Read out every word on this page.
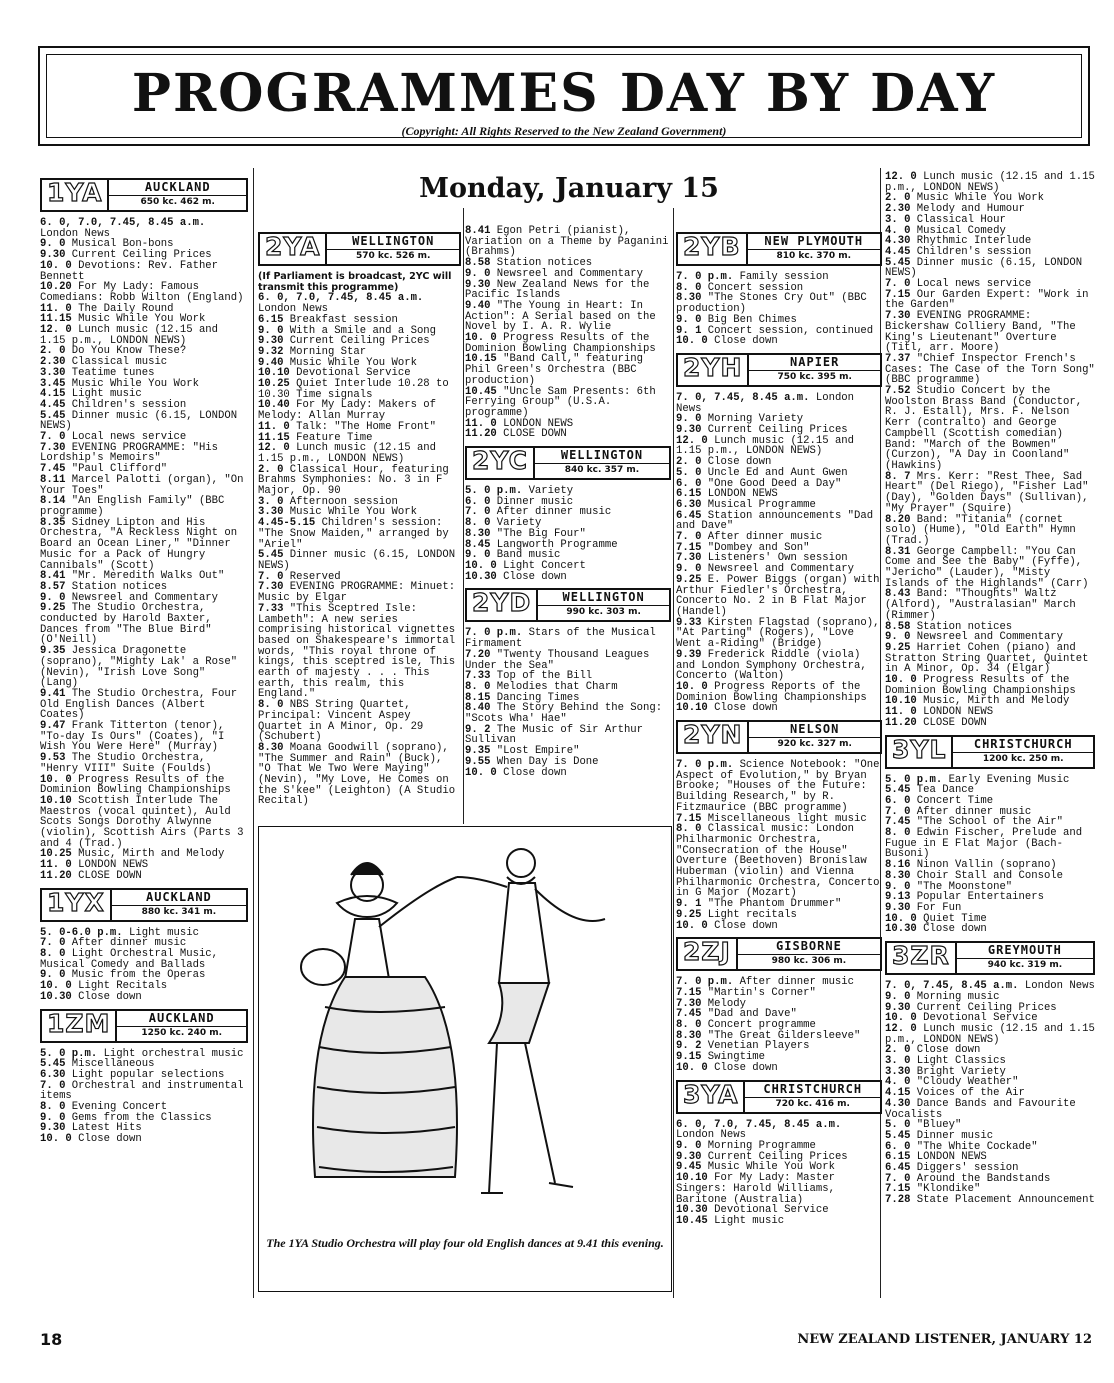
PROGRAMMES DAY BY DAY
(Copyright: All Rights Reserved to the New Zealand Government)
Monday, January 15
1YA	AUCKLAND
650 kc. 462 m.
6. 0, 7.0, 7.45, 8.45 a.m. London News
9. 0 Musical Bon-bons
9.30 Current Ceiling Prices
10. 0 Devotions: Rev. Father Bennett
10.20 For My Lady: Famous Comedians: Robb Wilton (England)
11. 0 The Daily Round
11.15 Music While You Work
12. 0 Lunch music (12.15 and 1.15 p.m., LONDON NEWS)
2. 0 Do You Know These?
2.30 Classical music
3.30 Teatime tunes
3.45 Music While You Work
4.15 Light music
4.45 Children's session
5.45 Dinner music (6.15, LONDON NEWS)
7. 0 Local news service
7.30 EVENING PROGRAMME: "His Lordship's Memoirs"
7.45 "Paul Clifford"
8.11 Marcel Palotti (organ), "On Your Toes"
8.14 "An English Family" (BBC programme)
8.35 Sidney Lipton and His Orchestra, "A Reckless Night on Board an Ocean Liner," "Dinner Music for a Pack of Hungry Cannibals" (Scott)
8.41 "Mr. Meredith Walks Out"
8.57 Station notices
9. 0 Newsreel and Commentary
9.25 The Studio Orchestra, conducted by Harold Baxter, Dances from "The Blue Bird" (O'Neill)
9.35 Jessica Dragonette (soprano), "Mighty Lak' a Rose" (Nevin), "Irish Love Song" (Lang)
9.41 The Studio Orchestra, Four Old English Dances (Albert Coates)
9.47 Frank Titterton (tenor), "To-day Is Ours" (Coates), "I Wish You Were Here" (Murray)
9.53 The Studio Orchestra, "Henry VIII" Suite (Foulds)
10. 0 Progress Results of the Dominion Bowling Championships
10.10 Scottish Interlude The Maestros (vocal quintet), Auld Scots Songs Dorothy Alwynne (violin), Scottish Airs (Parts 3 and 4 (Trad.)
10.25 Music, Mirth and Melody
11. 0 LONDON NEWS
11.20 CLOSE DOWN
1YX	AUCKLAND
880 kc. 341 m.
5. 0-6.0 p.m. Light music
7. 0 After dinner music
8. 0 Light Orchestral Music, Musical Comedy and Ballads
9. 0 Music from the Operas
10. 0 Light Recitals
10.30 Close down
1ZM	AUCKLAND
1250 kc. 240 m.
5. 0 p.m. Light orchestral music
5.45 Miscellaneous
6.30 Light popular selections
7. 0 Orchestral and instrumental items
8. 0 Evening Concert
9. 0 Gems from the Classics
9.30 Latest Hits
10. 0 Close down
2YA	WELLINGTON
570 kc. 526 m.
(If Parliament is broadcast, 2YC will transmit this programme)
6. 0, 7.0, 7.45, 8.45 a.m. London News
6.15 Breakfast session
9. 0 With a Smile and a Song
9.30 Current Ceiling Prices
9.32 Morning Star
9.40 Music While You Work
10.10 Devotional Service
10.25 Quiet Interlude 10.28 to 10.30 Time signals
10.40 For My Lady: Makers of Melody: Allan Murray
11. 0 Talk: "The Home Front"
11.15 Feature Time
12. 0 Lunch music (12.15 and 1.15 p.m., LONDON NEWS)
2. 0 Classical Hour, featuring Brahms Symphonies: No. 3 in F Major, Op. 90
3. 0 Afternoon session
3.30 Music While You Work
4.45-5.15 Children's session: "The Snow Maiden," arranged by "Ariel"
5.45 Dinner music (6.15, LONDON NEWS)
7. 0 Reserved
7.30 EVENING PROGRAMME: Minuet: Music by Elgar
7.33 "This Sceptred Isle: Lambeth": A new series comprising historical vignettes based on Shakespeare's immortal words, "This royal throne of kings, this sceptred isle, This earth of majesty . . . This earth, this realm, this England."
8. 0 NBS String Quartet, Principal: Vincent Aspey Quartet in A Minor, Op. 29 (Schubert)
8.30 Moana Goodwill (soprano), "The Summer and Rain" (Buck), "O That We Two Were Maying" (Nevin), "My Love, He Comes on the S'kee" (Leighton) (A Studio Recital)
8.41 Egon Petri (pianist), Variation on a Theme by Paganini (Brahms)
8.58 Station notices
9. 0 Newsreel and Commentary
9.30 New Zealand News for the Pacific Islands
9.40 "The Young in Heart: In Action": A Serial based on the Novel by I. A. R. Wylie
10. 0 Progress Results of the Dominion Bowling Championships
10.15 "Band Call," featuring Phil Green's Orchestra (BBC production)
10.45 "Uncle Sam Presents: 6th Ferrying Group" (U.S.A. programme)
11. 0 LONDON NEWS
11.20 CLOSE DOWN
2YC	WELLINGTON
840 kc. 357 m.
5. 0 p.m. Variety
6. 0 Dinner music
7. 0 After dinner music
8. 0 Variety
8.30 "The Big Four"
8.45 Langworth Programme
9. 0 Band music
10. 0 Light Concert
10.30 Close down
2YD	WELLINGTON
990 kc. 303 m.
7. 0 p.m. Stars of the Musical Firmament
7.20 "Twenty Thousand Leagues Under the Sea"
7.33 Top of the Bill
8. 0 Melodies that Charm
8.15 Dancing Times
8.40 The Story Behind the Song: "Scots Wha' Hae"
9. 2 The Music of Sir Arthur Sullivan
9.35 "Lost Empire"
9.55 When Day is Done
10. 0 Close down
2YB	NEW PLYMOUTH
810 kc. 370 m.
7. 0 p.m. Family session
8. 0 Concert session
8.30 "The Stones Cry Out" (BBC production)
9. 0 Big Ben Chimes
9. 1 Concert session, continued
10. 0 Close down
2YH	NAPIER
750 kc. 395 m.
7. 0, 7.45, 8.45 a.m. London News
9. 0 Morning Variety
9.30 Current Ceiling Prices
12. 0 Lunch music (12.15 and 1.15 p.m., LONDON NEWS)
2. 0 Close down
5. 0 Uncle Ed and Aunt Gwen
6. 0 "One Good Deed a Day"
6.15 LONDON NEWS
6.30 Musical Programme
6.45 Station announcements "Dad and Dave"
7. 0 After dinner music
7.15 "Dombey and Son"
7.30 Listeners' Own session
9. 0 Newsreel and Commentary
9.25 E. Power Biggs (organ) with Arthur Fiedler's Orchestra, Concerto No. 2 in B Flat Major (Handel)
9.33 Kirsten Flagstad (soprano), "At Parting" (Rogers), "Love Went a-Riding" (Bridge)
9.39 Frederick Riddle (viola) and London Symphony Orchestra, Concerto (Walton)
10. 0 Progress Reports of the Dominion Bowling Championships
10.10 Close down
2YN	NELSON
920 kc. 327 m.
7. 0 p.m. Science Notebook: "One Aspect of Evolution," by Bryan Brooke; "Houses of the Future: Building Research," by R. Fitzmaurice (BBC programme)
7.15 Miscellaneous light music
8. 0 Classical music: London Philharmonic Orchestra, "Consecration of the House" Overture (Beethoven) Bronislaw Huberman (violin) and Vienna Philharmonic Orchestra, Concerto in G Major (Mozart)
9. 1 "The Phantom Drummer"
9.25 Light recitals
10. 0 Close down
2ZJ	GISBORNE
980 kc. 306 m.
7. 0 p.m. After dinner music
7.15 "Martin's Corner"
7.30 Melody
7.45 "Dad and Dave"
8. 0 Concert programme
8.30 "The Great Gildersleeve"
9. 2 Venetian Players
9.15 Swingtime
10. 0 Close down
3YA	CHRISTCHURCH
720 kc. 416 m.
6. 0, 7.0, 7.45, 8.45 a.m. London News
9. 0 Morning Programme
9.30 Current Ceiling Prices
9.45 Music While You Work
10.10 For My Lady: Master Singers: Harold Williams, Baritone (Australia)
10.30 Devotional Service
10.45 Light music
12. 0 Lunch music (12.15 and 1.15 p.m., LONDON NEWS)
2. 0 Music While You Work
2.30 Melody and Humour
3. 0 Classical Hour
4. 0 Musical Comedy
4.30 Rhythmic Interlude
4.45 Children's session
5.45 Dinner music (6.15, LONDON NEWS)
7. 0 Local news service
7.15 Our Garden Expert: "Work in the Garden"
7.30 EVENING PROGRAMME: Bickershaw Colliery Band, "The King's Lieutenant" Overture (Titl, arr. Moore)
7.37 "Chief Inspector French's Cases: The Case of the Torn Song" (BBC programme)
7.52 Studio Concert by the Woolston Brass Band (Conductor, R. J. Estall), Mrs. F. Nelson Kerr (contralto) and George Campbell (Scottish comedian) Band: "March of the Bowmen" (Curzon), "A Day in Coonland" (Hawkins)
8. 7 Mrs. Kerr: "Rest Thee, Sad Heart" (Del Riego), "Fisher Lad" (Day), "Golden Days" (Sullivan), "My Prayer" (Squire)
8.20 Band: "Titania" (cornet solo) (Hume), "Old Earth" Hymn (Trad.)
8.31 George Campbell: "You Can Come and See the Baby" (Fyffe), "Jericho" (Lauder), "Misty Islands of the Highlands" (Carr)
8.43 Band: "Thoughts" Waltz (Alford), "Australasian" March (Rimmer)
8.58 Station notices
9. 0 Newsreel and Commentary
9.25 Harriet Cohen (piano) and Stratton String Quartet, Quintet in A Minor, Op. 34 (Elgar)
10. 0 Progress Results of the Dominion Bowling Championships
10.10 Music, Mirth and Melody
11. 0 LONDON NEWS
11.20 CLOSE DOWN
3YL	CHRISTCHURCH
1200 kc. 250 m.
5. 0 p.m. Early Evening Music
5.45 Tea Dance
6. 0 Concert Time
7. 0 After dinner music
7.45 "The School of the Air"
8. 0 Edwin Fischer, Prelude and Fugue in E Flat Major (Bach-Busoni)
8.16 Ninon Vallin (soprano)
8.30 Choir Stall and Console
9. 0 "The Moonstone"
9.13 Popular Entertainers
9.30 For Fun
10. 0 Quiet Time
10.30 Close down
3ZR	GREYMOUTH
940 kc. 319 m.
7. 0, 7.45, 8.45 a.m. London News
9. 0 Morning music
9.30 Current Ceiling Prices
10. 0 Devotional Service
12. 0 Lunch music (12.15 and 1.15 p.m., LONDON NEWS)
2. 0 Close down
3. 0 Light Classics
3.30 Bright Variety
4. 0 "Cloudy Weather"
4.15 Voices of the Air
4.30 Dance Bands and Favourite Vocalists
5. 0 "Bluey"
5.45 Dinner music
6. 0 "The White Cockade"
6.15 LONDON NEWS
6.45 Diggers' session
7. 0 Around the Bandstands
7.15 "Klondike"
7.28 State Placement Announcement
The 1YA Studio Orchestra will play four old English dances at 9.41 this evening.
18	NEW ZEALAND LISTENER, JANUARY 12
